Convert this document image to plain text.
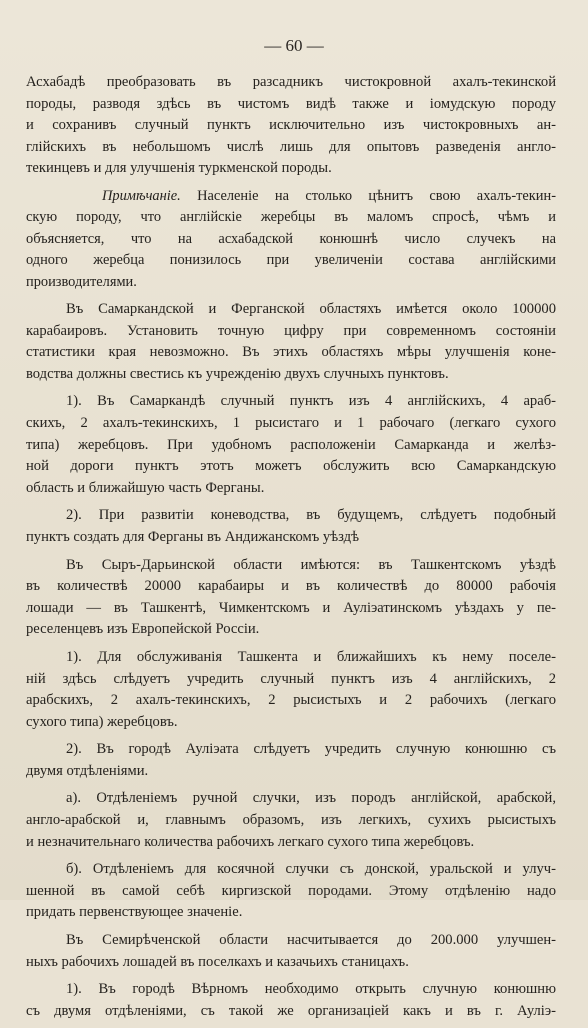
— 60 —
Асхабадѣ преобразовать въ разсадникъ чистокровной ахалъ-текинской
породы, разводя здѣсь въ чистомъ видѣ также и іомудскую породу
и сохранивъ случный пунктъ исключительно изъ чистокровныхъ ан-
глійскихъ въ небольшомъ числѣ лишь для опытовъ разведенія англо-
текинцевъ и для улучшенія туркменской породы.
Примѣчаніе. Населеніе на столько цѣнитъ свою ахалъ-текин-
скую породу, что англійскіе жеребцы въ маломъ спросѣ, чѣмъ и
объясняется, что на асхабадской конюшнѣ число случекъ на
одного жеребца понизилось при увеличеніи состава англійскими
производителями.
Въ Самаркандской и Ферганской областяхъ имѣется около 100000
карабаировъ. Установить точную цифру при современномъ состояніи
статистики края невозможно. Въ этихъ областяхъ мѣры улучшенія коне-
водства должны свестись къ учрежденію двухъ случныхъ пунктовъ.
1). Въ Самаркандѣ случный пунктъ изъ 4 англійскихъ, 4 араб-
скихъ, 2 ахалъ-текинскихъ, 1 рысистаго и 1 рабочаго (легкаго сухого
типа) жеребцовъ. При удобномъ расположеніи Самарканда и желѣз-
ной дороги пунктъ этотъ можетъ обслужить всю Самаркандскую
область и ближайшую часть Ферганы.
2). При развитіи коневодства, въ будущемъ, слѣдуетъ подобный
пунктъ создать для Ферганы въ Андижанскомъ уѣздѣ
Въ Сыръ-Дарьинской области имѣются: въ Ташкентскомъ уѣздѣ
въ количествѣ 20000 карабаиры и въ количествѣ до 80000 рабочія
лошади — въ Ташкентѣ, Чимкентскомъ и Ауліэатинскомъ уѣздахъ у пе-
реселенцевъ изъ Европейской Россіи.
1). Для обслуживанія Ташкента и ближайшихъ къ нему поселе-
ній здѣсь слѣдуетъ учредить случный пунктъ изъ 4 англійскихъ, 2
арабскихъ, 2 ахалъ-текинскихъ, 2 рысистыхъ и 2 рабочихъ (легкаго
сухого типа) жеребцовъ.
2). Въ городѣ Ауліэата слѣдуетъ учредить случную конюшню съ
двумя отдѣленіями.
а). Отдѣленіемъ ручной случки, изъ породъ англійской, арабской,
англо-арабской и, главнымъ образомъ, изъ легкихъ, сухихъ рысистыхъ
и незначительнаго количества рабочихъ легкаго сухого типа жеребцовъ.
б). Отдѣленіемъ для косячной случки съ донской, уральской и улуч-
шенной въ самой себѣ киргизской породами. Этому отдѣленію надо
придать первенствующее значеніе.
Въ Семирѣченской области насчитывается до 200.000 улучшен-
ныхъ рабочихъ лошадей въ поселкахъ и казачьихъ станицахъ.
1). Въ городѣ Вѣрномъ необходимо открыть случную конюшню
съ двумя отдѣленіями, съ такой же организаціей какъ и въ г. Ауліэ-
